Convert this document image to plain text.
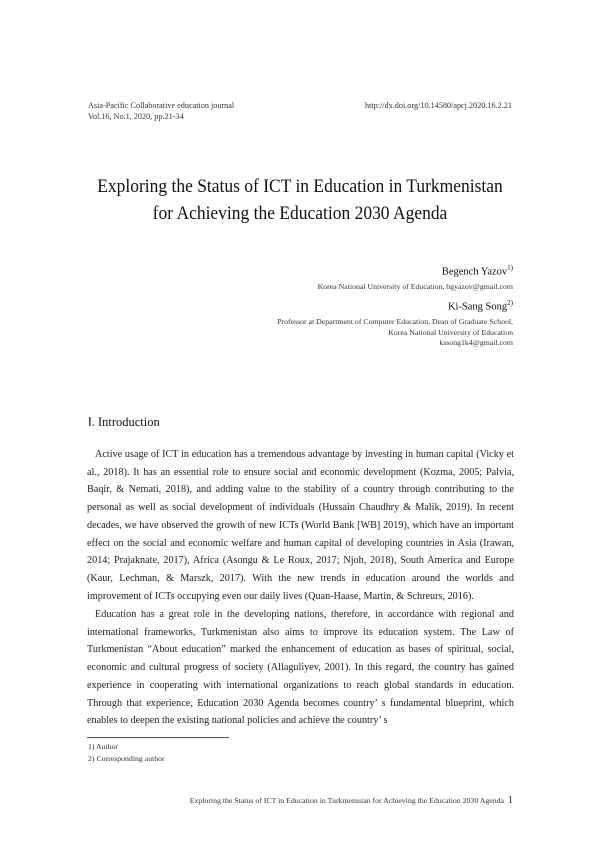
Asia-Pacific Collaborative education journal
Vol.16, No.1, 2020, pp.21-34
http://dx.doi.org/10.14580/apcj.2020.16.2.21
Exploring the Status of ICT in Education in Turkmenistan
for Achieving the Education 2030 Agenda
Begench Yazov$^{1)}$
Korea National University of Education, bgyazov@gmail.com
Ki-Sang Song$^{2)}$
Professor at Department of Computer Education, Dean of Graduate School,
Korea National University of Education
kssong1k4@gmail.com
Ⅰ. Introduction

Active usage of ICT in education has a tremendous advantage by investing in human capital (Vicky et al., 2018). It has an essential role to ensure social and economic development (Kozma, 2005; Palvia, Baqir, & Nemati, 2018), and adding value to the stability of a country through contributing to the personal as well as social development of individuals (Hussain Chaudhry & Malik, 2019). In recent decades, we have observed the growth of new ICTs (World Bank [WB] 2019), which have an important effect on the social and economic welfare and human capital of developing countries in Asia (Irawan, 2014; Prajaknate, 2017), Africa (Asongu & Le Roux, 2017; Njoh, 2018), South America and Europe (Kaur, Lechman, & Marszk, 2017). With the new trends in education around the worlds and improvement of ICTs occupying even our daily lives (Quan-Haase, Martin, & Schreurs, 2016).

Education has a great role in the developing nations, therefore, in accordance with regional and international frameworks, Turkmenistan also aims to improve its education system. The Law of Turkmenistan “About education” marked the enhancement of education as bases of spiritual, social, economic and cultural progress of society (Allaguliyev, 2001). In this regard, the country has gained experience in cooperating with international organizations to reach global standards in education. Through that experience, Education 2030 Agenda becomes country’ s fundamental blueprint, which enables to deepen the existing national policies and achieve the country’ s

1) Author
2) Corresponding author
Exploring the Status of ICT in Education in Turkmenistan for Achieving the Education 2030 Agenda 1
